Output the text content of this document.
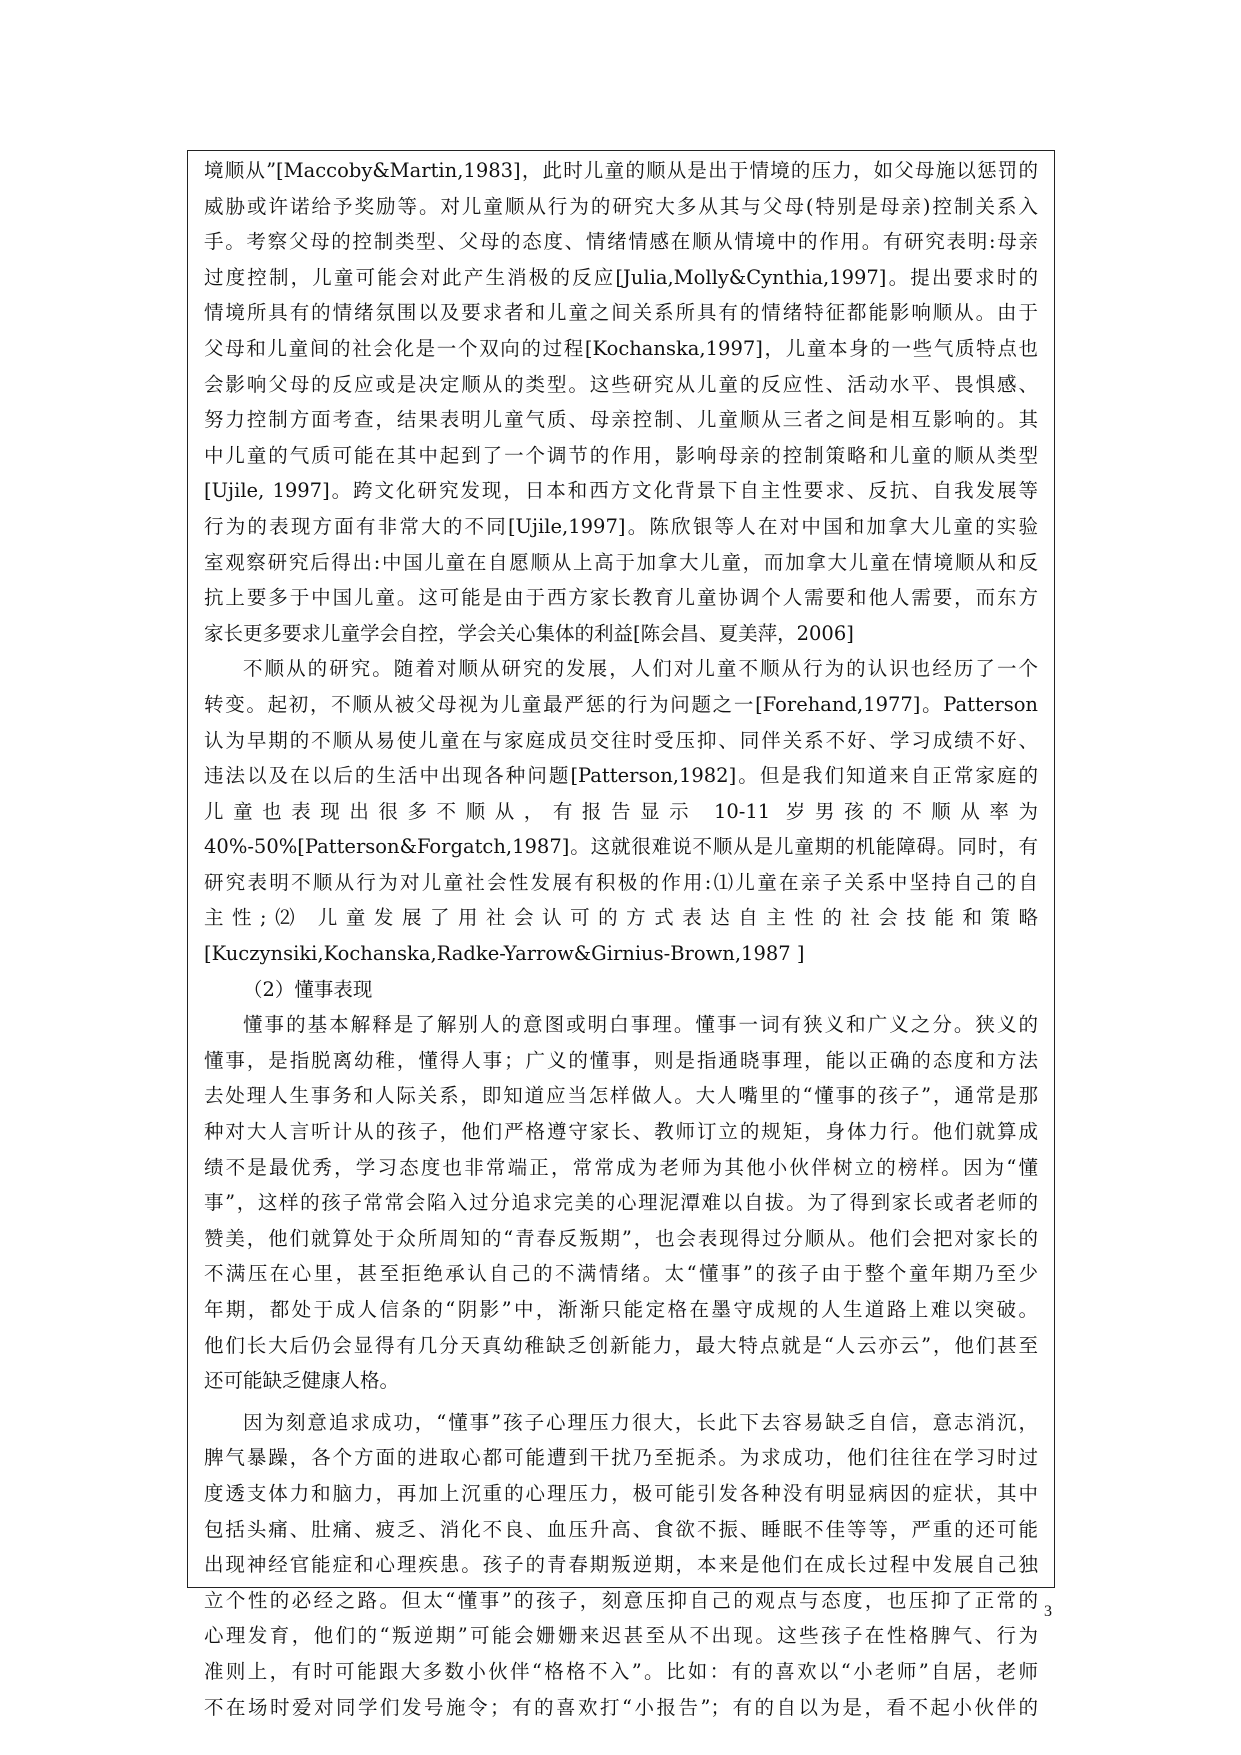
境顺从”[Maccoby&Martin,1983]，此时儿童的顺从是出于情境的压力，如父母施以惩罚的
威胁或许诺给予奖励等。对儿童顺从行为的研究大多从其与父母(特别是母亲)控制关系入
手。考察父母的控制类型、父母的态度、情绪情感在顺从情境中的作用。有研究表明:母亲
过度控制，儿童可能会对此产生消极的反应[Julia,Molly&Cynthia,1997]。提出要求时的
情境所具有的情绪氛围以及要求者和儿童之间关系所具有的情绪特征都能影响顺从。由于
父母和儿童间的社会化是一个双向的过程[Kochanska,1997]，儿童本身的一些气质特点也
会影响父母的反应或是决定顺从的类型。这些研究从儿童的反应性、活动水平、畏惧感、
努力控制方面考查，结果表明儿童气质、母亲控制、儿童顺从三者之间是相互影响的。其
中儿童的气质可能在其中起到了一个调节的作用，影响母亲的控制策略和儿童的顺从类型
[Ujile, 1997]。跨文化研究发现，日本和西方文化背景下自主性要求、反抗、自我发展等
行为的表现方面有非常大的不同[Ujile,1997]。陈欣银等人在对中国和加拿大儿童的实验
室观察研究后得出:中国儿童在自愿顺从上高于加拿大儿童，而加拿大儿童在情境顺从和反
抗上要多于中国儿童。这可能是由于西方家长教育儿童协调个人需要和他人需要，而东方
家长更多要求儿童学会自控，学会关心集体的利益[陈会昌、夏美萍，2006]
不顺从的研究。随着对顺从研究的发展，人们对儿童不顺从行为的认识也经历了一个
转变。起初，不顺从被父母视为儿童最严惩的行为问题之一[Forehand,1977]。Patterson
认为早期的不顺从易使儿童在与家庭成员交往时受压抑、同伴关系不好、学习成绩不好、
违法以及在以后的生活中出现各种问题[Patterson,1982]。但是我们知道来自正常家庭的
儿童也表现出很多不顺从，有报告显示 10-11 岁男孩的不顺从率为
40%-50%[Patterson&Forgatch,1987]。这就很难说不顺从是儿童期的机能障碍。同时，有
研究表明不顺从行为对儿童社会性发展有积极的作用:⑴儿童在亲子关系中坚持自己的自
主性;⑵ 儿童发展了用社会认可的方式表达自主性的社会技能和策略
[Kuczynsiki,Kochanska,Radke-Yarrow&Girnius-Brown,1987 ]
（2）懂事表现
懂事的基本解释是了解别人的意图或明白事理。懂事一词有狭义和广义之分。狭义的
懂事，是指脱离幼稚，懂得人事；广义的懂事，则是指通晓事理，能以正确的态度和方法
去处理人生事务和人际关系，即知道应当怎样做人。大人嘴里的“懂事的孩子”，通常是那
种对大人言听计从的孩子，他们严格遵守家长、教师订立的规矩，身体力行。他们就算成
绩不是最优秀，学习态度也非常端正，常常成为老师为其他小伙伴树立的榜样。因为“懂
事”，这样的孩子常常会陷入过分追求完美的心理泥潭难以自拔。为了得到家长或者老师的
赞美，他们就算处于众所周知的“青春反叛期”，也会表现得过分顺从。他们会把对家长的
不满压在心里，甚至拒绝承认自己的不满情绪。太“懂事”的孩子由于整个童年期乃至少
年期，都处于成人信条的“阴影”中，渐渐只能定格在墨守成规的人生道路上难以突破。
他们长大后仍会显得有几分天真幼稚缺乏创新能力，最大特点就是“人云亦云”，他们甚至
还可能缺乏健康人格。
因为刻意追求成功，“懂事”孩子心理压力很大，长此下去容易缺乏自信，意志消沉，
脾气暴躁，各个方面的进取心都可能遭到干扰乃至扼杀。为求成功，他们往往在学习时过
度透支体力和脑力，再加上沉重的心理压力，极可能引发各种没有明显病因的症状，其中
包括头痛、肚痛、疲乏、消化不良、血压升高、食欲不振、睡眠不佳等等，严重的还可能
出现神经官能症和心理疾患。孩子的青春期叛逆期，本来是他们在成长过程中发展自己独
立个性的必经之路。但太“懂事”的孩子，刻意压抑自己的观点与态度，也压抑了正常的
心理发育，他们的“叛逆期”可能会姗姗来迟甚至从不出现。这些孩子在性格脾气、行为
准则上，有时可能跟大多数小伙伴“格格不入”。比如：有的喜欢以“小老师”自居，老师
不在场时爱对同学们发号施令；有的喜欢打“小报告”；有的自以为是，看不起小伙伴的
3
